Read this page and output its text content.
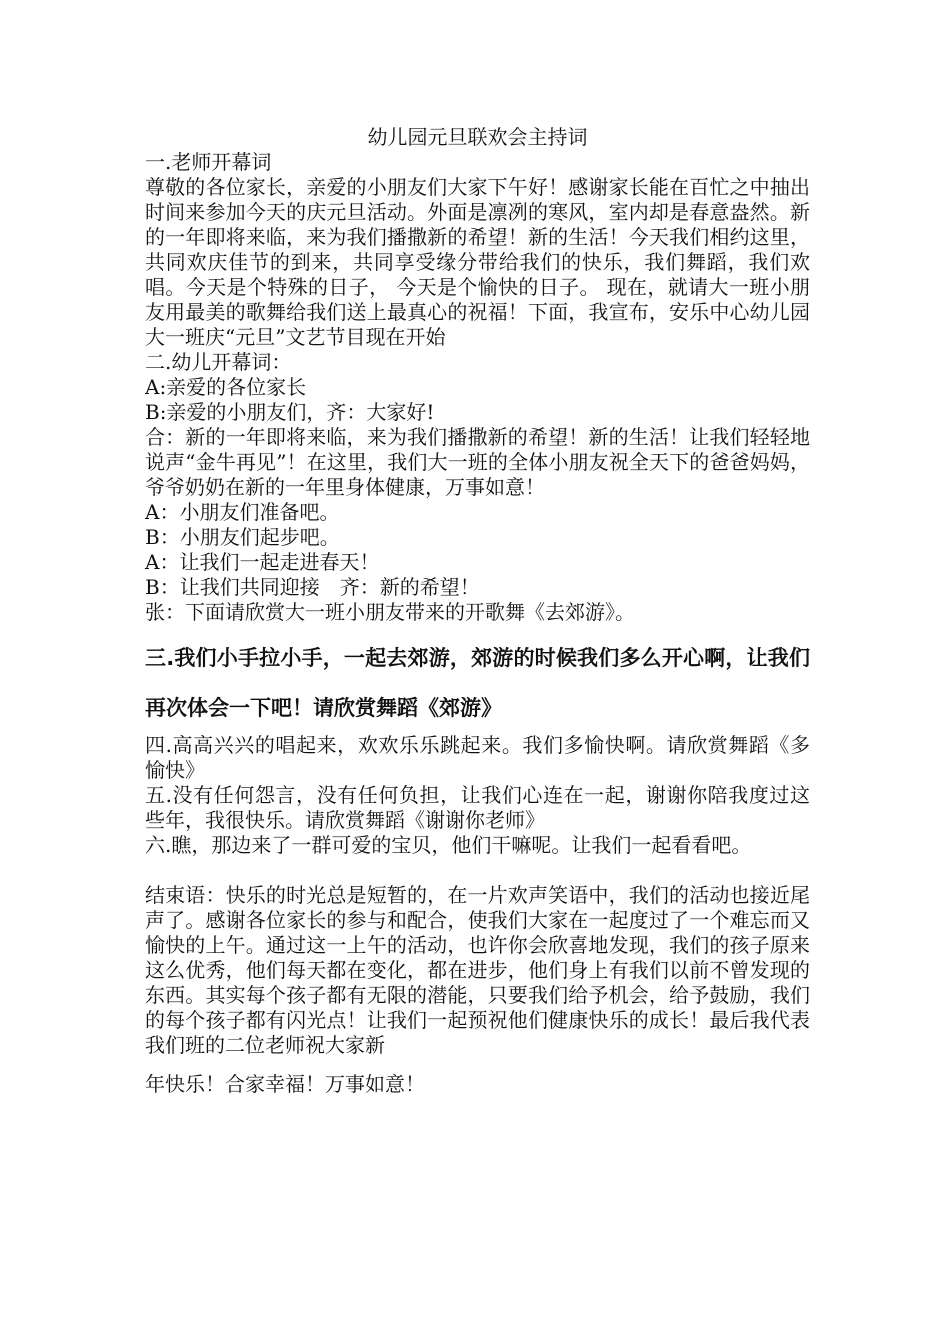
幼儿园元旦联欢会主持词

一.老师开幕词

尊敬的各位家长，亲爱的小朋友们大家下午好！感谢家长能在百忙之中抽出时间来参加今天的庆元旦活动。外面是凛冽的寒风，室内却是春意盎然。新的一年即将来临，来为我们播撒新的希望！新的生活！今天我们相约这里，共同欢庆佳节的到来，共同享受缘分带给我们的快乐，我们舞蹈，我们欢唱。今天是个特殊的日子， 今天是个愉快的日子。 现在，就请大一班小朋友用最美的歌舞给我们送上最真心的祝福！下面，我宣布，安乐中心幼儿园大一班庆“元旦”文艺节目现在开始

二.幼儿开幕词：

A:亲爱的各位家长

B:亲爱的小朋友们，齐：大家好!

合：新的一年即将来临，来为我们播撒新的希望！新的生活！让我们轻轻地说声“金牛再见”！在这里，我们大一班的全体小朋友祝全天下的爸爸妈妈，爷爷奶奶在新的一年里身体健康，万事如意！

A：小朋友们准备吧。

B：小朋友们起步吧。

A：让我们一起走进春天！

B：让我们共同迎接　齐：新的希望！

张：下面请欣赏大一班小朋友带来的开歌舞《去郊游》。

三.我们小手拉小手，一起去郊游，郊游的时候我们多么开心啊，让我们再次体会一下吧！请欣赏舞蹈《郊游》

四.高高兴兴的唱起来，欢欢乐乐跳起来。我们多愉快啊。请欣赏舞蹈《多愉快》

五.没有任何怨言，没有任何负担，让我们心连在一起，谢谢你陪我度过这些年，我很快乐。请欣赏舞蹈《谢谢你老师》

六.瞧，那边来了一群可爱的宝贝，他们干嘛呢。让我们一起看看吧。

结束语：快乐的时光总是短暂的，在一片欢声笑语中，我们的活动也接近尾声了。感谢各位家长的参与和配合，使我们大家在一起度过了一个难忘而又愉快的上午。通过这一上午的活动，也许你会欣喜地发现，我们的孩子原来这么优秀，他们每天都在变化，都在进步，他们身上有我们以前不曾发现的东西。其实每个孩子都有无限的潜能，只要我们给予机会，给予鼓励，我们的每个孩子都有闪光点！让我们一起预祝他们健康快乐的成长！最后我代表我们班的二位老师祝大家新

年快乐！合家幸福！万事如意！
